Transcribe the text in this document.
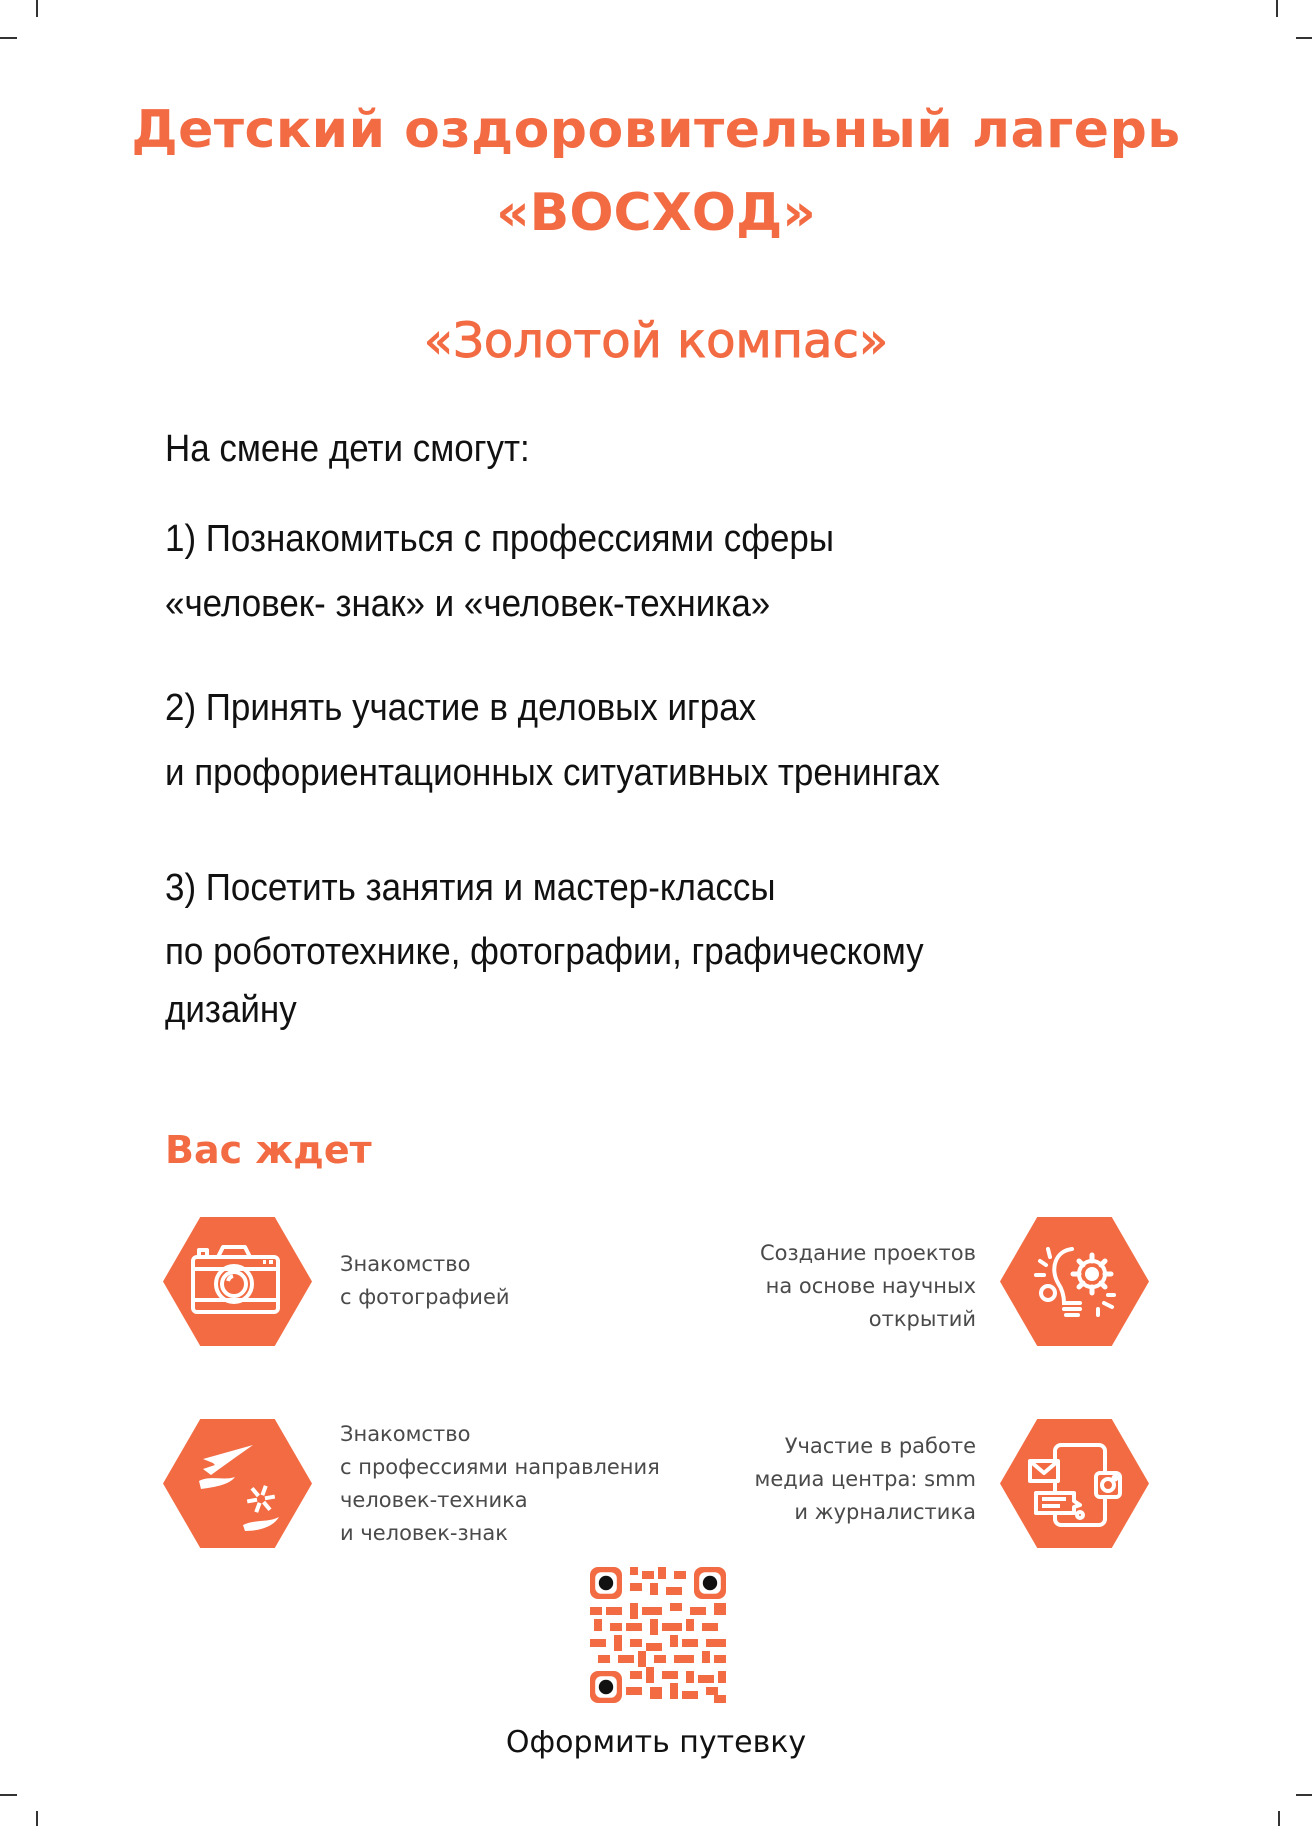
Детский оздоровительный лагерь
«ВОСХОД»
«Золотой компас»
На смене дети смогут:
1) Познакомиться с профессиями сферы
«человек- знак» и «человек-техника»
2) Принять участие в деловых играх
и профориентационных ситуативных тренингах
3) Посетить занятия и мастер-классы
по робототехнике, фотографии, графическому
дизайну
Вас ждет
Знакомство
с фотографией
Создание проектов
на основе научных
открытий
Знакомство
с профессиями направления
человек-техника
и человек-знак
Участие в работе
медиа центра: smm
и журналистика
Оформить путевку
